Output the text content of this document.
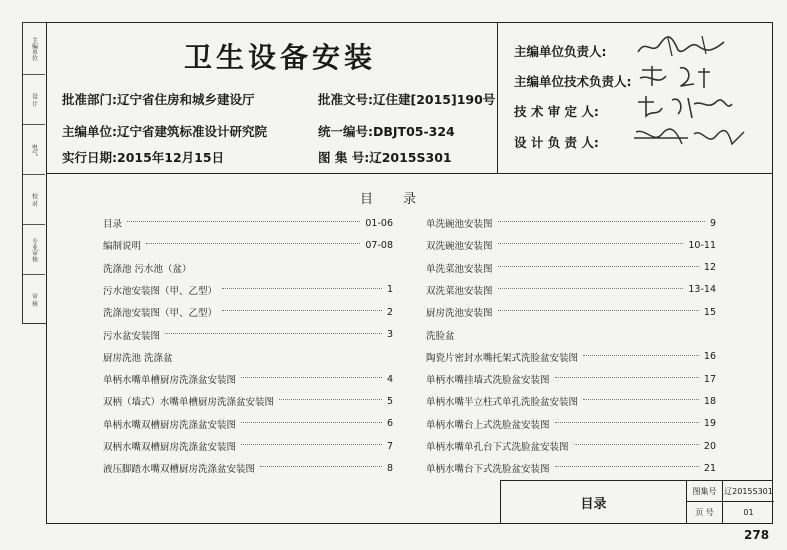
主编单位
设 计
电气
校 对
专业审核
审 核
卫生设备安装
批准部门:辽宁省住房和城乡建设厅	批准文号:辽住建[2015]190号
主编单位:辽宁省建筑标准设计研究院	统一编号:DBJT05-324
实行日期:2015年12月15日	图 集 号:辽2015S301
主编单位负责人:
主编单位技术负责人:
技 术 审 定 人:
设 计 负 责 人:
目录
目录	01-06
编制说明	07-08
洗涤池 污水池（盆）
污水池安装图（甲、乙型）	1
洗涤池安装图（甲、乙型）	2
污水盆安装图	3
厨房洗池 洗涤盆
单柄水嘴单槽厨房洗涤盆安装图	4
双柄（墙式）水嘴单槽厨房洗涤盆安装图	5
单柄水嘴双槽厨房洗涤盆安装图	6
双柄水嘴双槽厨房洗涤盆安装图	7
液压脚踏水嘴双槽厨房洗涤盆安装图	8
单洗碗池安装图	9
双洗碗池安装图	10-11
单洗菜池安装图	12
双洗菜池安装图	13-14
厨房洗池安装图	15
洗脸盆
陶瓷片密封水嘴托架式洗脸盆安装图	16
单柄水嘴挂墙式洗脸盆安装图	17
单柄水嘴半立柱式单孔洗脸盆安装图	18
单柄水嘴台上式洗脸盆安装图	19
单柄水嘴单孔台下式洗脸盆安装图	20
单柄水嘴台下式洗脸盆安装图	21
目录
图集号 辽2015S301
页 号	01
278
